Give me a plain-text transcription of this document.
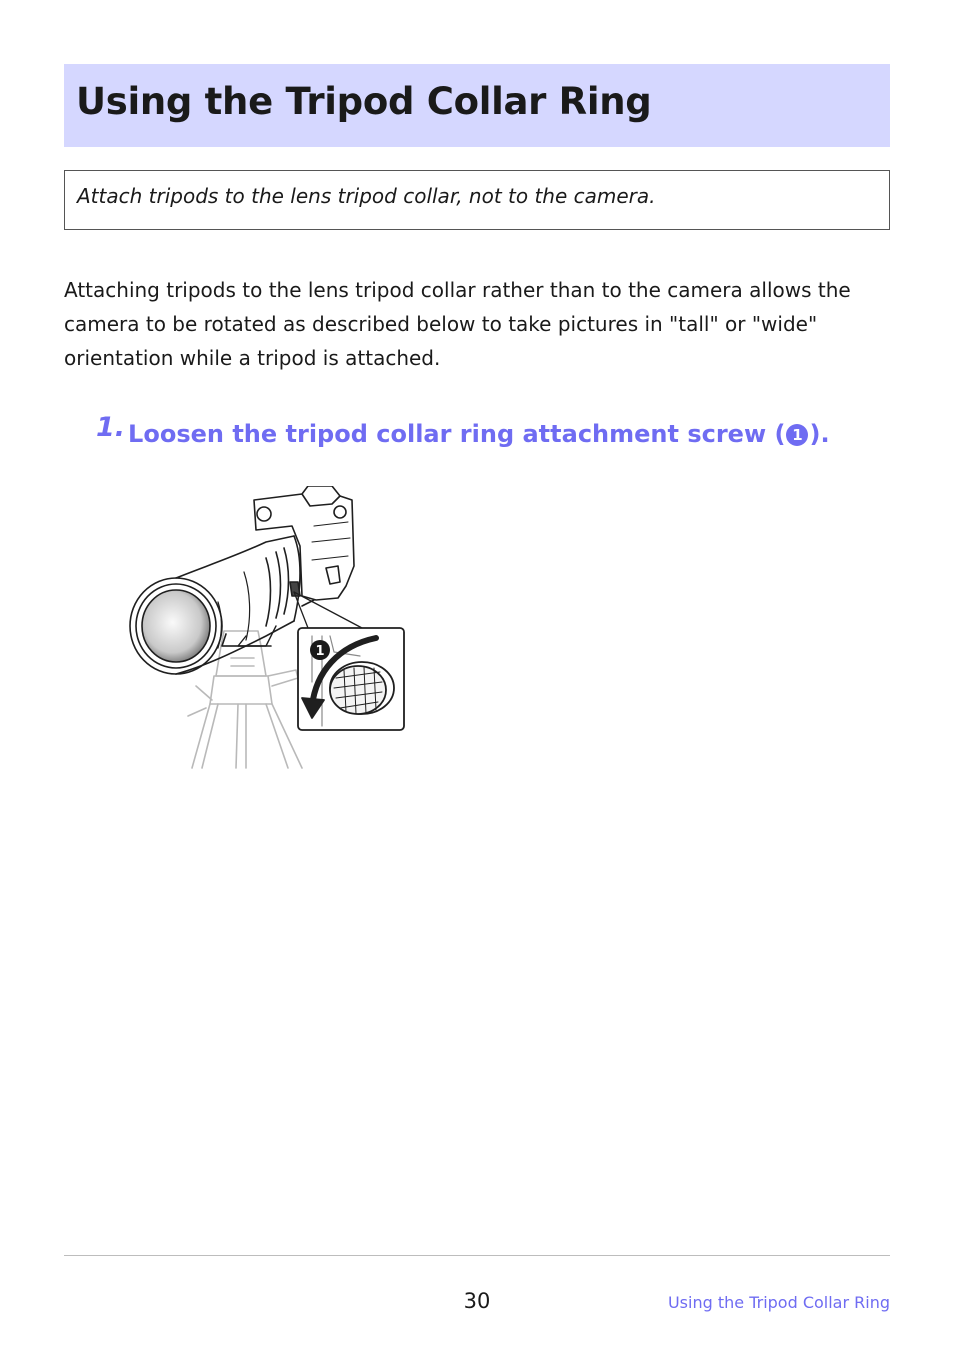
Using the Tripod Collar Ring

Attach tripods to the lens tripod collar, not to the camera.

Attaching tripods to the lens tripod collar rather than to the camera allows the camera to be rotated as described below to take pictures in "tall" or "wide" orientation while a tripod is attached.

1. Loosen the tripod collar ring attachment screw ( 1 ).
1
30	Using the Tripod Collar Ring
